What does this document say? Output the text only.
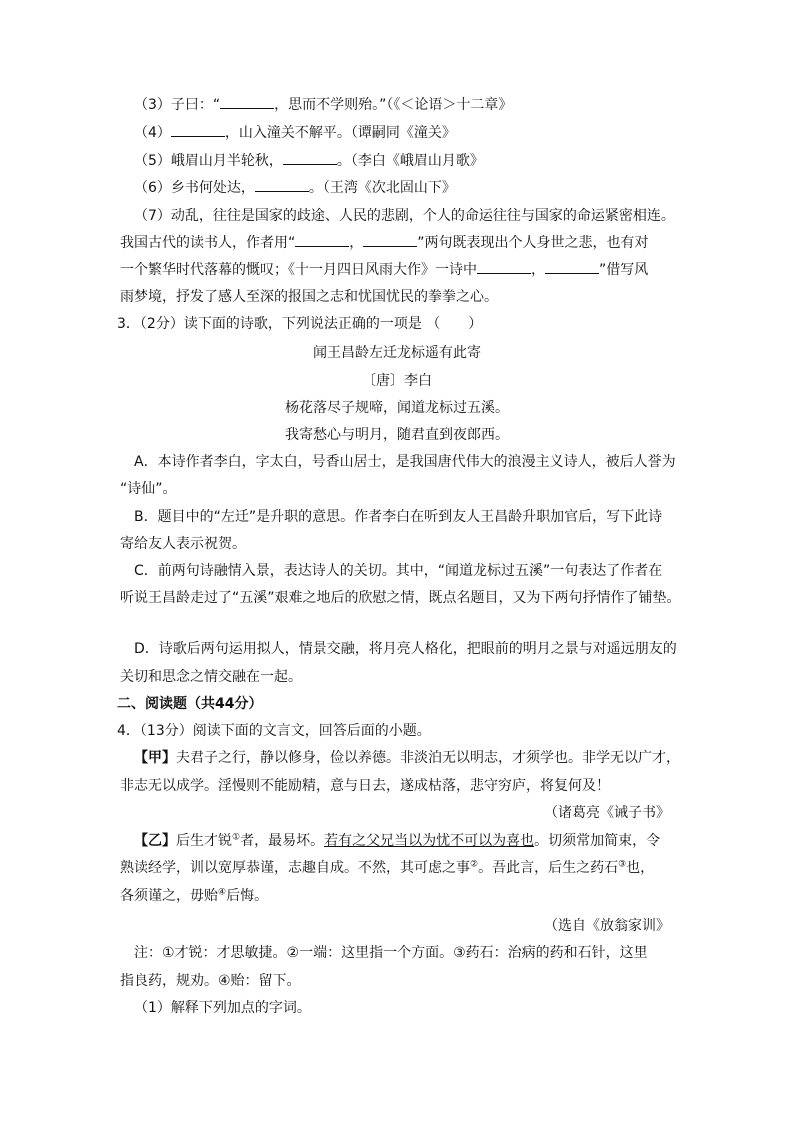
（3）子曰：“	，思而不学则殆。”（《＜论语＞十二章》
（4）	，山入潼关不解平。（谭嗣同《潼关》
（5）峨眉山月半轮秋，	。（李白《峨眉山月歌》
（6）乡书何处达，	。（王湾《次北固山下》
（7）动乱，往往是国家的歧途、人民的悲剧，个人的命运往往与国家的命运紧密相连。
我国古代的读书人，作者用“	，	”两句既表现出个人身世之悲，也有对
一个繁华时代落幕的慨叹；《十一月四日风雨大作》一诗中	，	”借写风
雨梦境，抒发了感人至深的报国之志和忧国忧民的拳拳之心。
3．（2分）读下面的诗歌，下列说法正确的一项是 （　　）
闻王昌龄左迁龙标遥有此寄
〔唐〕李白
杨花落尽子规啼，闻道龙标过五溪。
我寄愁心与明月，随君直到夜郎西。
A．本诗作者李白，字太白，号香山居士，是我国唐代伟大的浪漫主义诗人，被后人誉为
“诗仙”。
B．题目中的“左迁”是升职的意思。作者李白在听到友人王昌龄升职加官后，写下此诗
寄给友人表示祝贺。
C．前两句诗融情入景，表达诗人的关切。其中，“闻道龙标过五溪”一句表达了作者在
听说王昌龄走过了“五溪”艰难之地后的欣慰之情，既点名题目，又为下两句抒情作了铺垫。
D．诗歌后两句运用拟人，情景交融，将月亮人格化，把眼前的明月之景与对遥远朋友的
关切和思念之情交融在一起。
二、阅读题（共44分）
4．（13分）阅读下面的文言文，回答后面的小题。
【甲】夫君子之行，静以修身，俭以养德。非淡泊无以明志，才须学也。非学无以广才，
非志无以成学。淫慢则不能励精，意与日去，遂成枯落，悲守穷庐，将复何及！
（诸葛亮《诫子书》
【乙】后生才锐①者，最易坏。若有之父兄当以为忧不可以为喜也。切须常加简束，令
熟读经学，训以宽厚恭谨，志趣自成。不然，其可虑之事②。吾此言，后生之药石③也，
各须谨之，毋贻④后悔。
（选自《放翁家训》
注：①才锐：才思敏捷。②一端：这里指一个方面。③药石：治病的药和石针，这里
指良药，规劝。④贻：留下。
（1）解释下列加点的字词。
